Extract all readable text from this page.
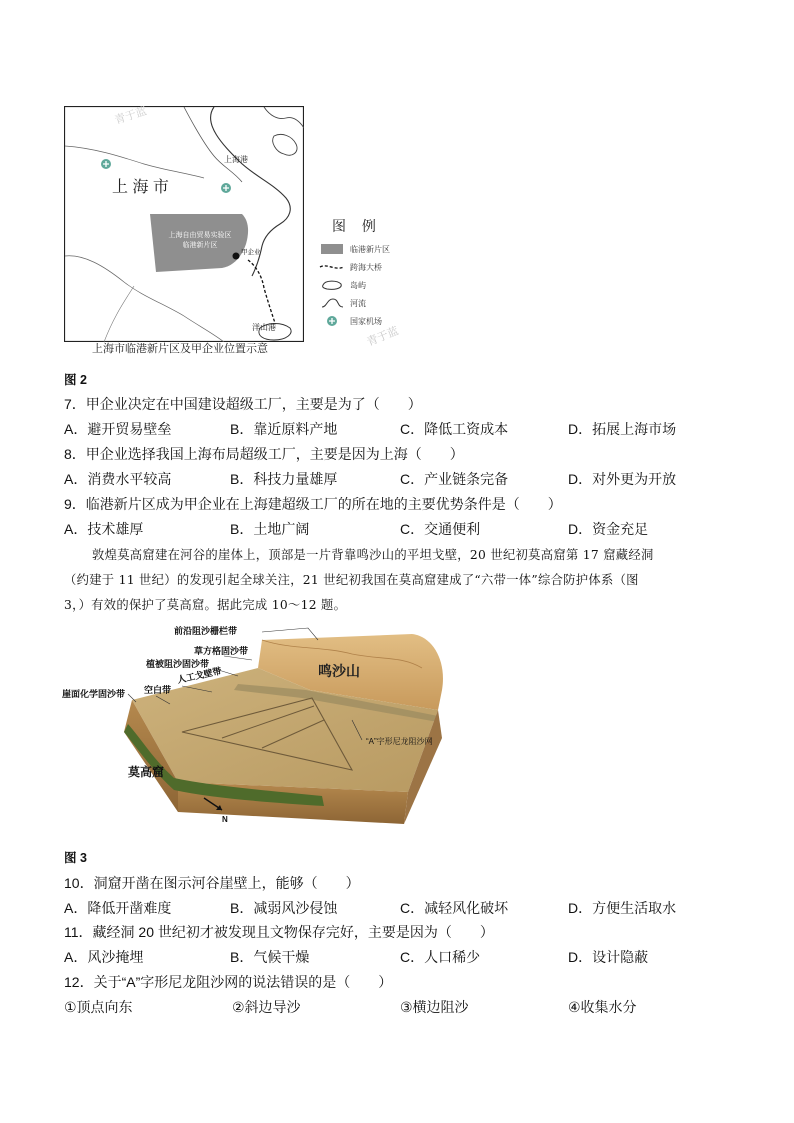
上海自由贸易实验区
临港新片区
甲企业
洋山港
上海港
上 海 市
青于蓝
上海市临港新片区及甲企业位置示意
图 例
临港新片区
跨海大桥
岛屿
河流
国家机场
青于蓝
图 2
7．甲企业决定在中国建设超级工厂，主要是为了（　　）
A．避开贸易壁垒	B．靠近原料产地	C．降低工资成本	D．拓展上海市场
8．甲企业选择我国上海布局超级工厂，主要是因为上海（　　）
A．消费水平较高	B．科技力量雄厚	C．产业链条完备	D．对外更为开放
9．临港新片区成为甲企业在上海建超级工厂的所在地的主要优势条件是（　　）
A．技术雄厚	B．土地广阔	C．交通便利	D．资金充足
敦煌莫高窟建在河谷的崖体上，顶部是一片背靠鸣沙山的平坦戈壁，20 世纪初莫高窟第 17 窟藏经洞
（约建于 11 世纪）的发现引起全球关注，21 世纪初我国在莫高窟建成了“六带一体”综合防护体系（图
3，）有效的保护了莫高窟。据此完成 10～12 题。
前沿阻沙栅栏带
草方格固沙带
植被阻沙固沙带
人工戈壁带
空白带
崖面化学固沙带
鸣沙山
“A”字形尼龙阻沙网
莫高窟
N
图 3
10．洞窟开凿在图示河谷崖壁上，能够（　　）
A．降低开凿难度	B．减弱风沙侵蚀	C．减轻风化破坏	D．方便生活取水
11．藏经洞 20 世纪初才被发现且文物保存完好，主要是因为（　　）
A．风沙掩埋	B．气候干燥	C．人口稀少	D．设计隐蔽
12．关于“A”字形尼龙阻沙网的说法错误的是（　　）
①顶点向东	②斜边导沙	③横边阻沙	④收集水分
